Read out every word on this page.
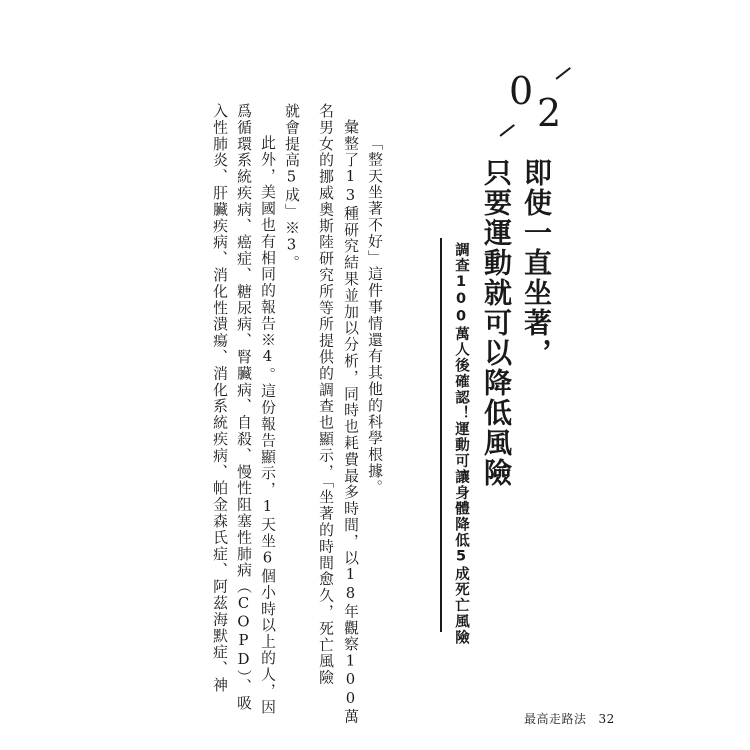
0 2
即使一直坐著，
只要運動就可以降低風險
調查100萬人後確認！運動可讓身體降低5成死亡風險
「整天坐著不好」這件事情還有其他的科學根據。
彙整了13種研究結果並加以分析，同時也耗費最多時間，以18年觀察100萬
名男女的挪威奧斯陸研究所等所提供的調查也顯示，「坐著的時間愈久，死亡風險
就會提高5成」※3。
此外，美國也有相同的報告※4。這份報告顯示，1天坐6個小時以上的人，因
爲循環系統疾病、癌症、糖尿病、腎臟病、自殺、慢性阻塞性肺病（COPD）、吸
入性肺炎、肝臟疾病、消化性潰瘍、消化系統疾病、帕金森氏症、阿茲海默症、神
最高走路法 32
